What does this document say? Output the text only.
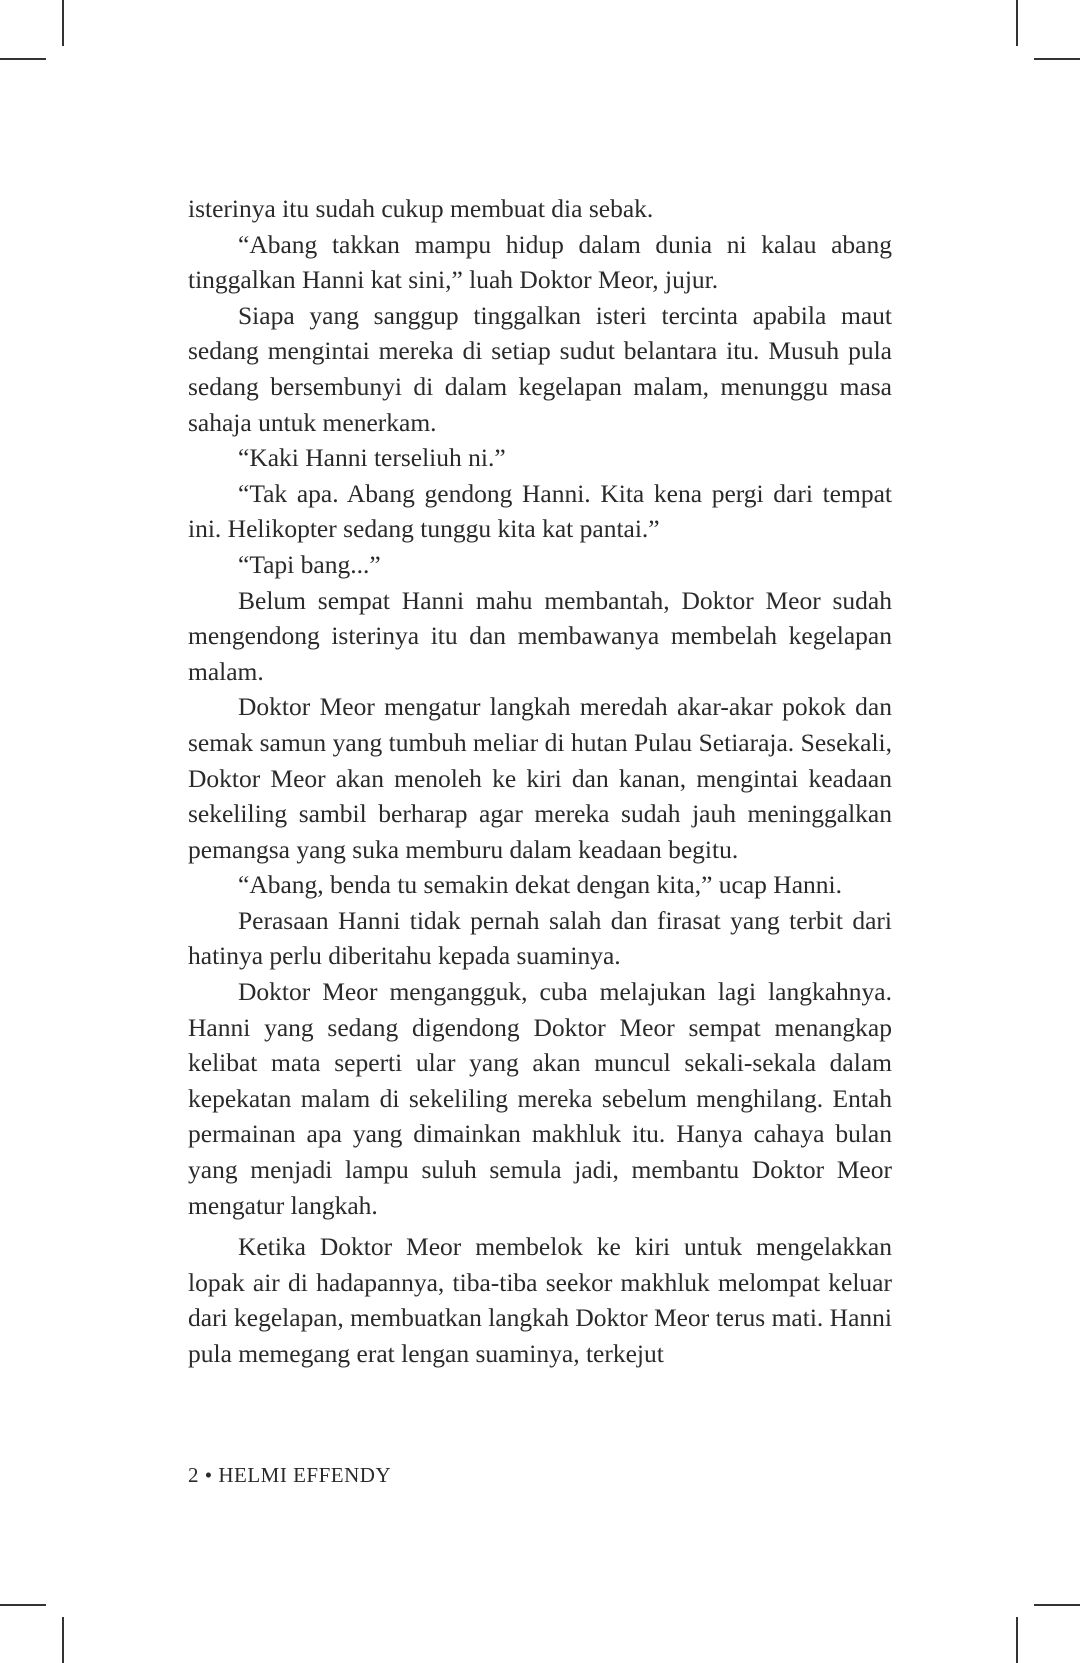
isterinya itu sudah cukup membuat dia sebak.

“Abang takkan mampu hidup dalam dunia ni kalau abang tinggalkan Hanni kat sini,” luah Doktor Meor, jujur.

Siapa yang sanggup tinggalkan isteri tercinta apabila maut sedang mengintai mereka di setiap sudut belantara itu. Musuh pula sedang bersembunyi di dalam kegelapan malam, menunggu masa sahaja untuk menerkam.

“Kaki Hanni terseliuh ni.”

“Tak apa. Abang gendong Hanni. Kita kena pergi dari tempat ini. Helikopter sedang tunggu kita kat pantai.”

“Tapi bang...”

Belum sempat Hanni mahu membantah, Doktor Meor sudah mengendong isterinya itu dan membawanya membelah kegelapan malam.

Doktor Meor mengatur langkah meredah akar-akar pokok dan semak samun yang tumbuh meliar di hutan Pulau Setiaraja. Sesekali, Doktor Meor akan menoleh ke kiri dan kanan, mengintai keadaan sekeliling sambil berharap agar mereka sudah jauh meninggalkan pemangsa yang suka memburu dalam keadaan begitu.

“Abang, benda tu semakin dekat dengan kita,” ucap Hanni.

Perasaan Hanni tidak pernah salah dan firasat yang terbit dari hatinya perlu diberitahu kepada suaminya.

Doktor Meor mengangguk, cuba melajukan lagi langkahnya. Hanni yang sedang digendong Doktor Meor sempat menangkap kelibat mata seperti ular yang akan muncul sekali-sekala dalam kepekatan malam di sekeliling mereka sebelum menghilang. Entah permainan apa yang dimainkan makhluk itu. Hanya cahaya bulan yang menjadi lampu suluh semula jadi, membantu Doktor Meor mengatur langkah.

Ketika Doktor Meor membelok ke kiri untuk mengelakkan lopak air di hadapannya, tiba-tiba seekor makhluk melompat keluar dari kegelapan, membuatkan langkah Doktor Meor terus mati. Hanni pula memegang erat lengan suaminya, terkejut

2 • HELMI EFFENDY
